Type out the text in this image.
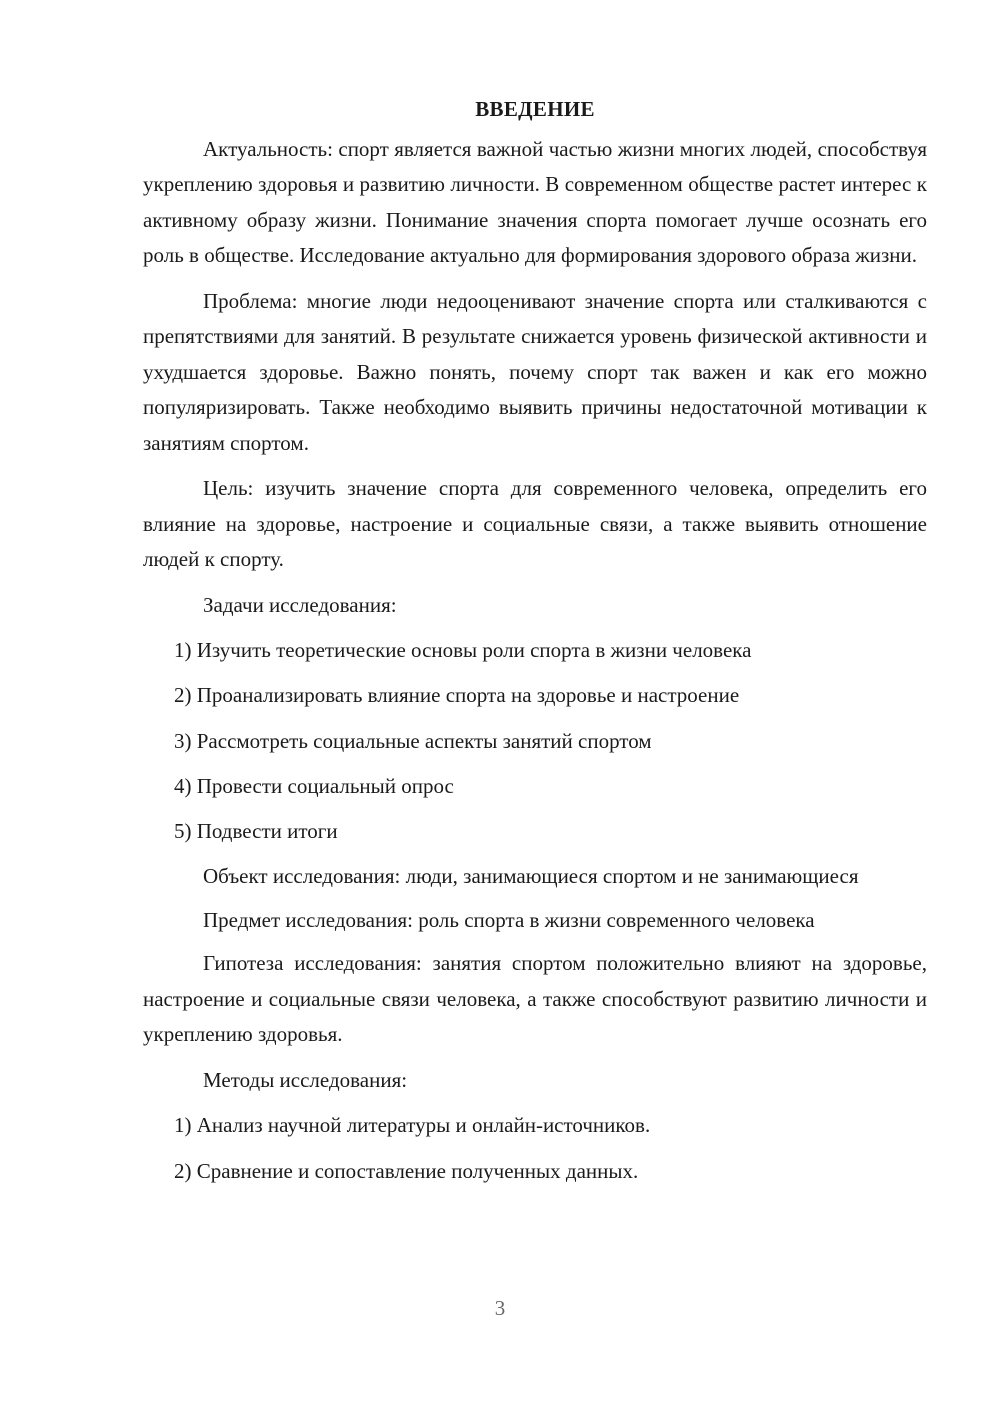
ВВЕДЕНИЕ

Актуальность: спорт является важной частью жизни многих людей, способствуя укреплению здоровья и развитию личности. В современном обществе растет интерес к активному образу жизни. Понимание значения спорта помогает лучше осознать его роль в обществе. Исследование актуально для формирования здорового образа жизни.

Проблема: многие люди недооценивают значение спорта или сталкиваются с препятствиями для занятий. В результате снижается уровень физической активности и ухудшается здоровье. Важно понять, почему спорт так важен и как его можно популяризировать. Также необходимо выявить причины недостаточной мотивации к занятиям спортом.

Цель: изучить значение спорта для современного человека, определить его влияние на здоровье, настроение и социальные связи, а также выявить отношение людей к спорту.

Задачи исследования:

1) Изучить теоретические основы роли спорта в жизни человека
2) Проанализировать влияние спорта на здоровье и настроение
3) Рассмотреть социальные аспекты занятий спортом
4) Провести социальный опрос
5) Подвести итоги

Объект исследования: люди, занимающиеся спортом и не занимающиеся

Предмет исследования: роль спорта в жизни современного человека

Гипотеза исследования: занятия спортом положительно влияют на здоровье, настроение и социальные связи человека, а также способствуют развитию личности и укреплению здоровья.

Методы исследования:

1) Анализ научной литературы и онлайн-источников.
2) Сравнение и сопоставление полученных данных.
3
